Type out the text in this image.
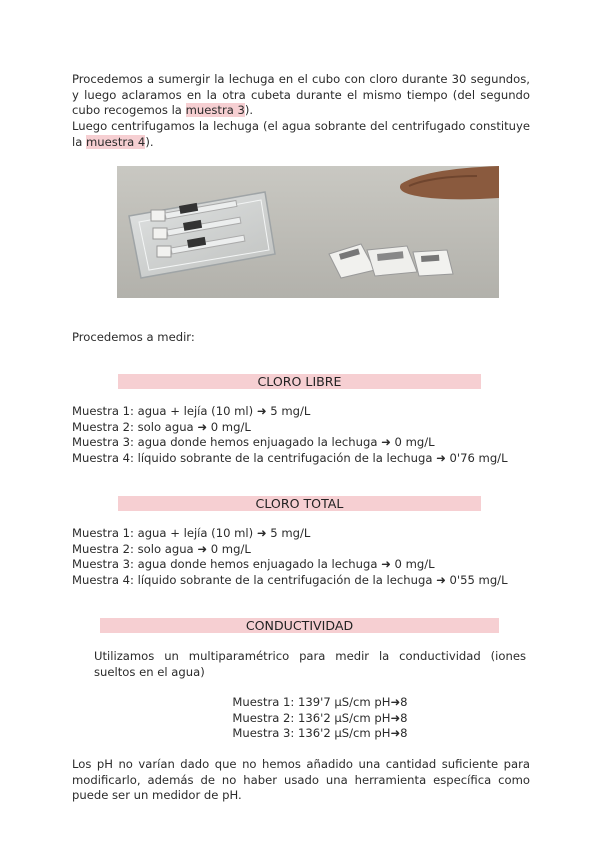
Procedemos a sumergir la lechuga en el cubo con cloro durante 30 segundos, y luego aclaramos en la otra cubeta durante el mismo tiempo (del segundo cubo recogemos la muestra 3).

Luego centrifugamos la lechuga (el agua sobrante del centrifugado constituye la muestra 4).

Procedemos a medir:

CLORO LIBRE
Muestra 1: agua + lejía (10 ml) ➜ 5 mg/L
Muestra 2: solo agua ➜ 0 mg/L
Muestra 3: agua donde hemos enjuagado la lechuga ➜ 0 mg/L
Muestra 4: líquido sobrante de la centrifugación de la lechuga ➜ 0'76 mg/L
CLORO TOTAL
Muestra 1: agua + lejía (10 ml) ➜ 5 mg/L
Muestra 2: solo agua ➜ 0 mg/L
Muestra 3: agua donde hemos enjuagado la lechuga ➜ 0 mg/L
Muestra 4: líquido sobrante de la centrifugación de la lechuga ➜ 0'55 mg/L
CONDUCTIVIDAD

Utilizamos un multiparamétrico para medir la conductividad (iones sueltos en el agua)

Muestra 1: 139'7 µS/cm pH➜8
Muestra 2: 136'2 µS/cm pH➜8
Muestra 3: 136'2 µS/cm pH➜8

Los pH no varían dado que no hemos añadido una cantidad suficiente para modificarlo, además de no haber usado una herramienta específica como puede ser un medidor de pH.
